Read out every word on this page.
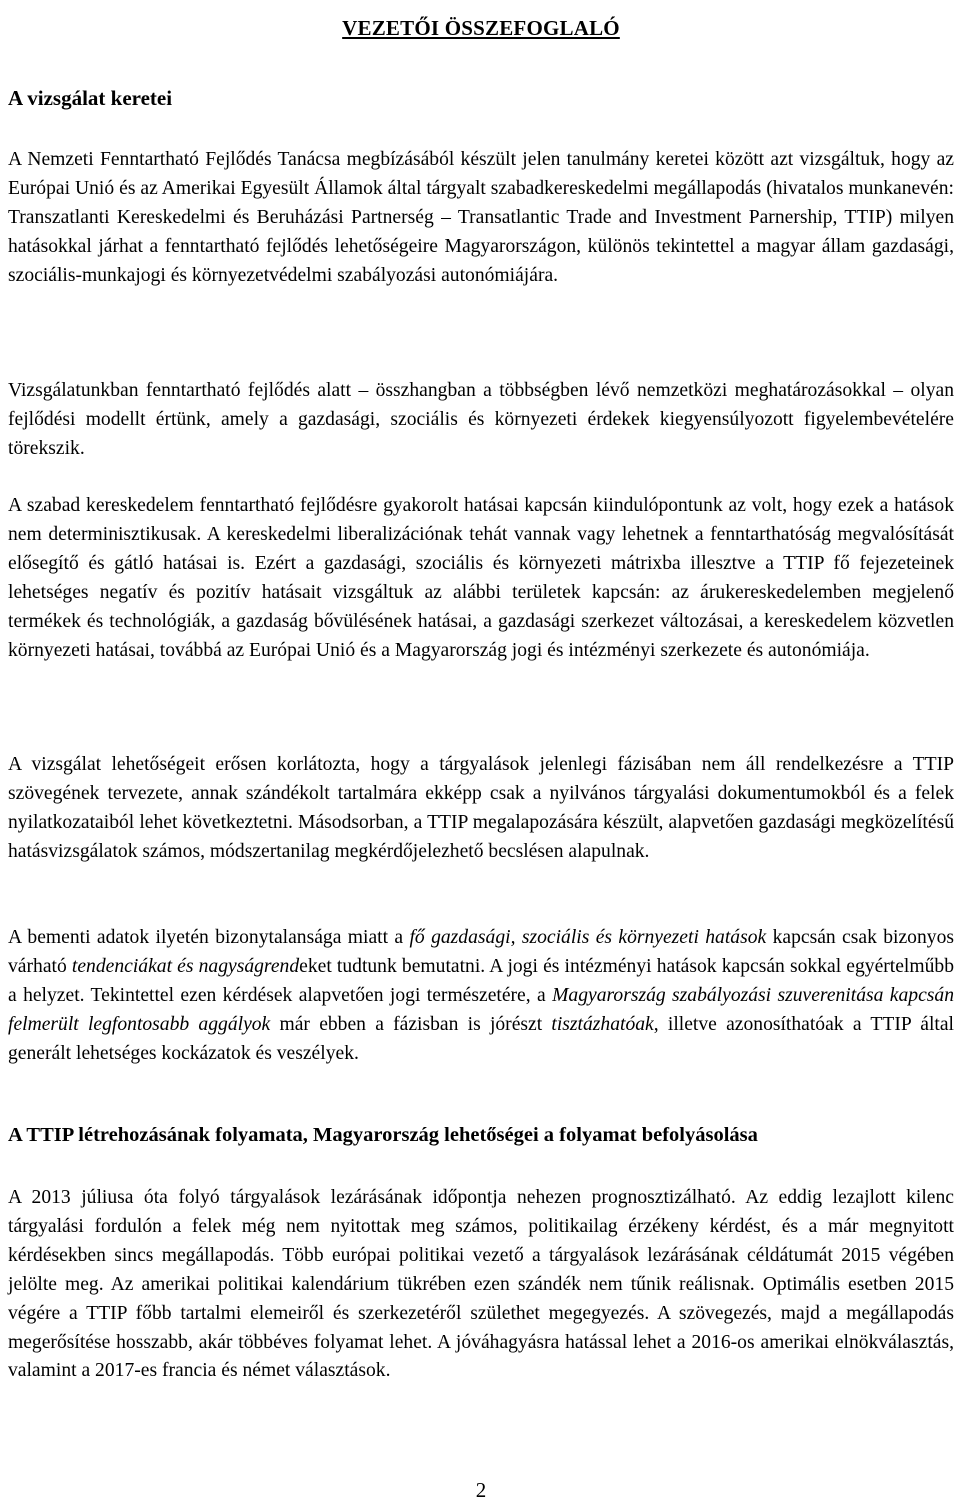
VEZETŐI ÖSSZEFOGLALÓ
A vizsgálat keretei

A Nemzeti Fenntartható Fejlődés Tanácsa megbízásából készült jelen tanulmány keretei között azt vizsgáltuk, hogy az Európai Unió és az Amerikai Egyesült Államok által tárgyalt szabadkereskedelmi megállapodás (hivatalos munkanevén: Transzatlanti Kereskedelmi és Beruházási Partnerség ‒ Transatlantic Trade and Investment Parnership, TTIP) milyen hatásokkal járhat a fenntartható fejlődés lehetőségeire Magyarországon, különös tekintettel a magyar állam gazdasági, szociális-munkajogi és környezetvédelmi szabályozási autonómiájára.

Vizsgálatunkban fenntartható fejlődés alatt ‒ összhangban a többségben lévő nemzetközi meghatározásokkal ‒ olyan fejlődési modellt értünk, amely a gazdasági, szociális és környezeti érdekek kiegyensúlyozott figyelembevételére törekszik.

A szabad kereskedelem fenntartható fejlődésre gyakorolt hatásai kapcsán kiindulópontunk az volt, hogy ezek a hatások nem determinisztikusak. A kereskedelmi liberalizációnak tehát vannak vagy lehetnek a fenntarthatóság megvalósítását elősegítő és gátló hatásai is. Ezért a gazdasági, szociális és környezeti mátrixba illesztve a TTIP fő fejezeteinek lehetséges negatív és pozitív hatásait vizsgáltuk az alábbi területek kapcsán: az árukereskedelemben megjelenő termékek és technológiák, a gazdaság bővülésének hatásai, a gazdasági szerkezet változásai, a kereskedelem közvetlen környezeti hatásai, továbbá az Európai Unió és a Magyarország jogi és intézményi szerkezete és autonómiája.

A vizsgálat lehetőségeit erősen korlátozta, hogy a tárgyalások jelenlegi fázisában nem áll rendelkezésre a TTIP szövegének tervezete, annak szándékolt tartalmára ekképp csak a nyilvános tárgyalási dokumentumokból és a felek nyilatkozataiból lehet következtetni. Másodsorban, a TTIP megalapozására készült, alapvetően gazdasági megközelítésű hatásvizsgálatok számos, módszertanilag megkérdőjelezhető becslésen alapulnak.

A bementi adatok ilyetén bizonytalansága miatt a fő gazdasági, szociális és környezeti hatások kapcsán csak bizonyos várható tendenciákat és nagyságrendeket tudtunk bemutatni. A jogi és intézményi hatások kapcsán sokkal egyértelműbb a helyzet. Tekintettel ezen kérdések alapvetően jogi természetére, a Magyarország szabályozási szuverenitása kapcsán felmerült legfontosabb aggályok már ebben a fázisban is jórészt tisztázhatóak, illetve azonosíthatóak a TTIP által generált lehetséges kockázatok és veszélyek.

A TTIP létrehozásának folyamata, Magyarország lehetőségei a folyamat befolyásolása

A 2013 júliusa óta folyó tárgyalások lezárásának időpontja nehezen prognosztizálható. Az eddig lezajlott kilenc tárgyalási fordulón a felek még nem nyitottak meg számos, politikailag érzékeny kérdést, és a már megnyitott kérdésekben sincs megállapodás. Több európai politikai vezető a tárgyalások lezárásának céldátumát 2015 végében jelölte meg. Az amerikai politikai kalendárium tükrében ezen szándék nem tűnik reálisnak. Optimális esetben 2015 végére a TTIP főbb tartalmi elemeiről és szerkezetéről születhet megegyezés. A szövegezés, majd a megállapodás megerősítése hosszabb, akár többéves folyamat lehet. A jóváhagyásra hatással lehet a 2016-os amerikai elnökválasztás, valamint a 2017-es francia és német választások.

2
